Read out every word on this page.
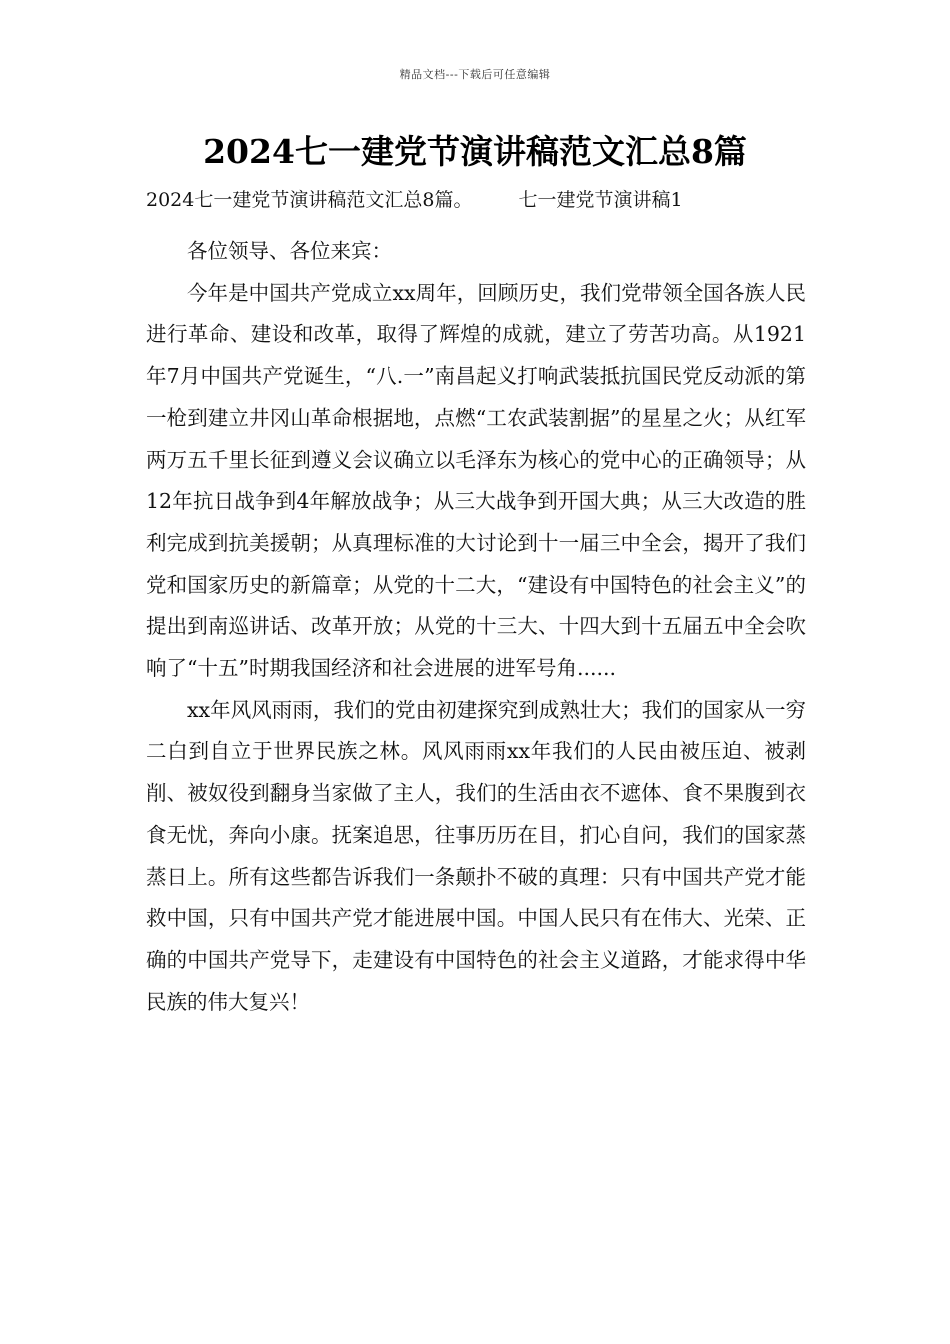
精品文档---下载后可任意编辑
2024七一建党节演讲稿范文汇总8篇
2024七一建党节演讲稿范文汇总8篇。 七一建党节演讲稿1

各位领导、各位来宾：

今年是中国共产党成立xx周年，回顾历史，我们党带领全国各族人民进行革命、建设和改革，取得了辉煌的成就，建立了劳苦功高。从1921年7月中国共产党诞生，“八.一”南昌起义打响武装抵抗国民党反动派的第一枪到建立井冈山革命根据地，点燃“工农武装割据”的星星之火；从红军两万五千里长征到遵义会议确立以毛泽东为核心的党中心的正确领导；从12年抗日战争到4年解放战争；从三大战争到开国大典；从三大改造的胜利完成到抗美援朝；从真理标准的大讨论到十一届三中全会，揭开了我们党和国家历史的新篇章；从党的十二大，“建设有中国特色的社会主义”的提出到南巡讲话、改革开放；从党的十三大、十四大到十五届五中全会吹响了“十五”时期我国经济和社会进展的进军号角......

xx年风风雨雨，我们的党由初建探究到成熟壮大；我们的国家从一穷二白到自立于世界民族之林。风风雨雨xx年我们的人民由被压迫、被剥削、被奴役到翻身当家做了主人，我们的生活由衣不遮体、食不果腹到衣食无忧，奔向小康。抚案追思，往事历历在目，扪心自问，我们的国家蒸蒸日上。所有这些都告诉我们一条颠扑不破的真理：只有中国共产党才能救中国，只有中国共产党才能进展中国。中国人民只有在伟大、光荣、正确的中国共产党导下，走建设有中国特色的社会主义道路，才能求得中华民族的伟大复兴！
